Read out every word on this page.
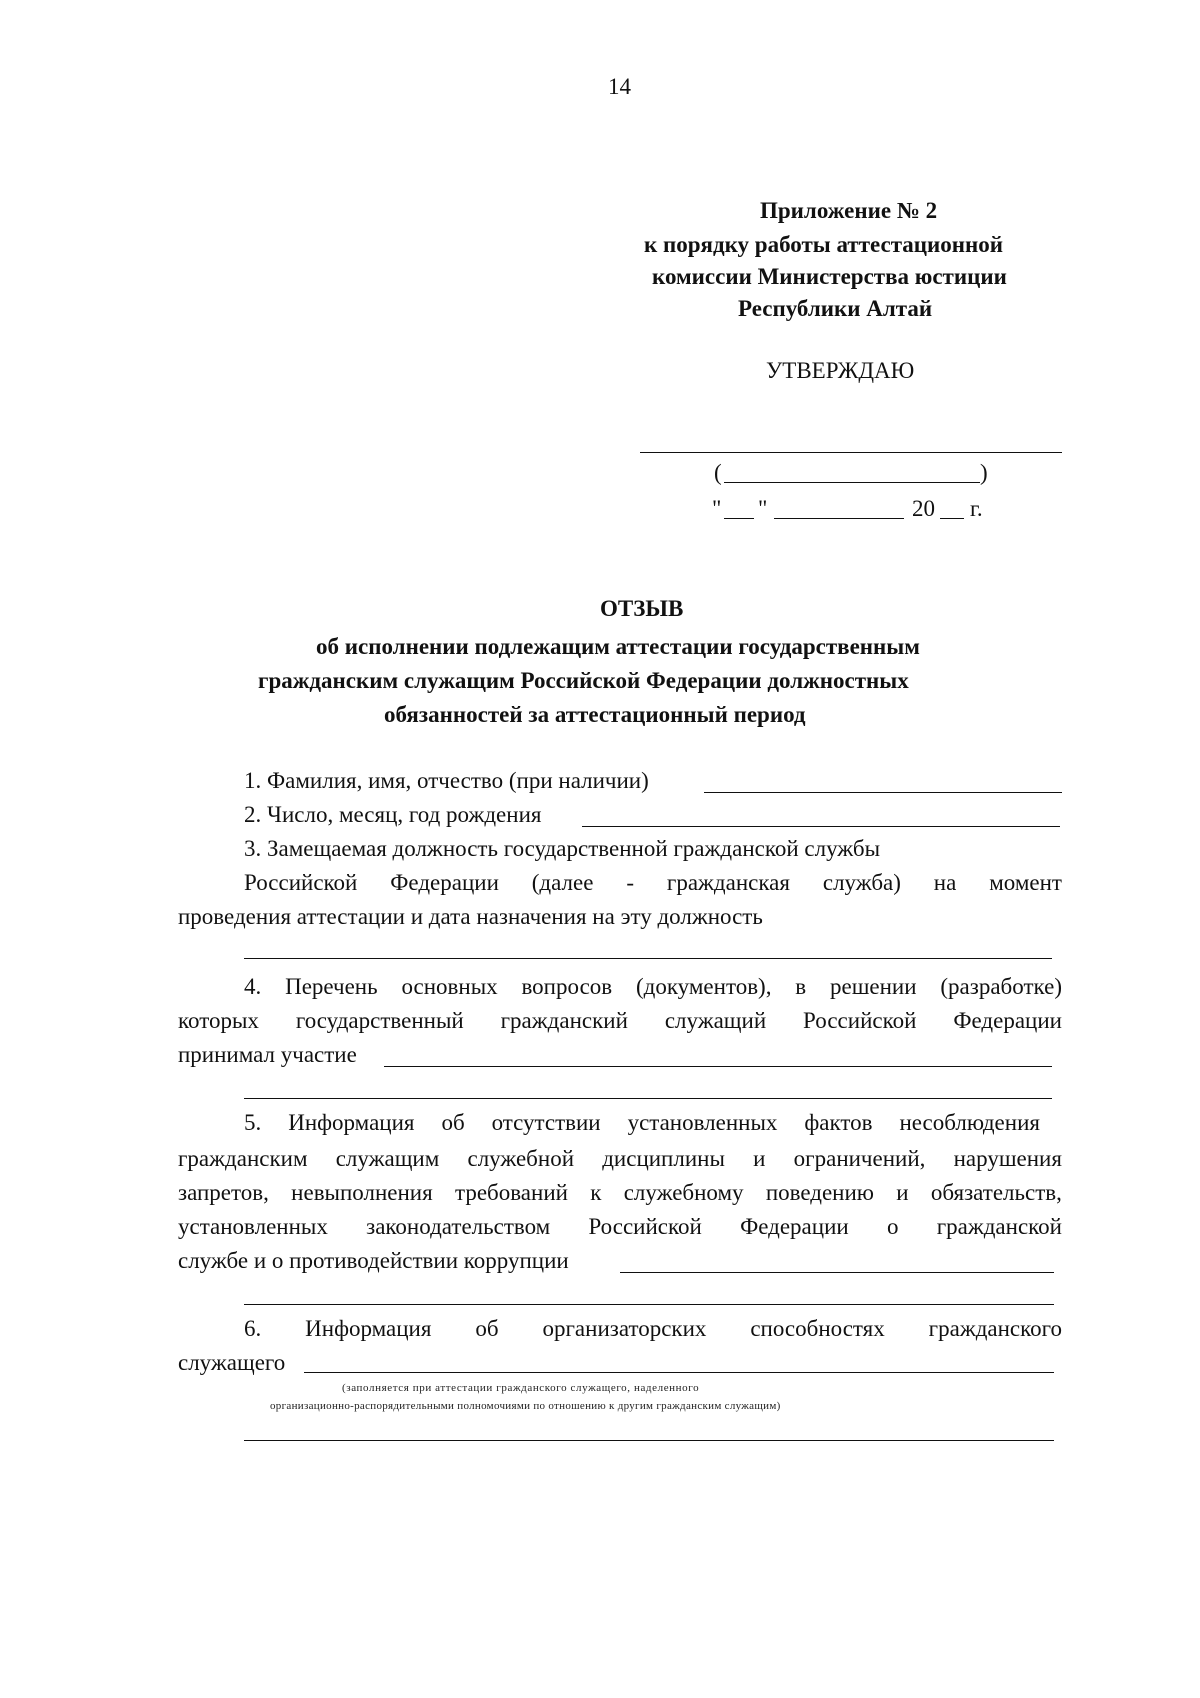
14
Приложение № 2
к порядку работы аттестационной
комиссии Министерства юстиции
Республики Алтай
УТВЕРЖДАЮ
(	)
" "	20 г.
ОТЗЫВ
об исполнении подлежащим аттестации государственным
гражданским служащим Российской Федерации должностных
обязанностей за аттестационный период
1. Фамилия, имя, отчество (при наличии)
2. Число, месяц, год рождения
3. Замещаемая должность государственной гражданской службы
Российской Федерации (далее - гражданская служба) на момент
проведения аттестации и дата назначения на эту должность
4. Перечень основных вопросов (документов), в решении (разработке)
которых государственный гражданский служащий Российской Федерации
принимал участие
5. Информация об отсутствии установленных фактов несоблюдения
гражданским служащим служебной дисциплины и ограничений, нарушения
запретов, невыполнения требований к служебному поведению и обязательств,
установленных законодательством Российской Федерации о гражданской
службе и о противодействии коррупции
6. Информация об организаторских способностях гражданского
служащего
(заполняется при аттестации гражданского служащего, наделенного
организационно-распорядительными полномочиями по отношению к другим гражданским служащим)
